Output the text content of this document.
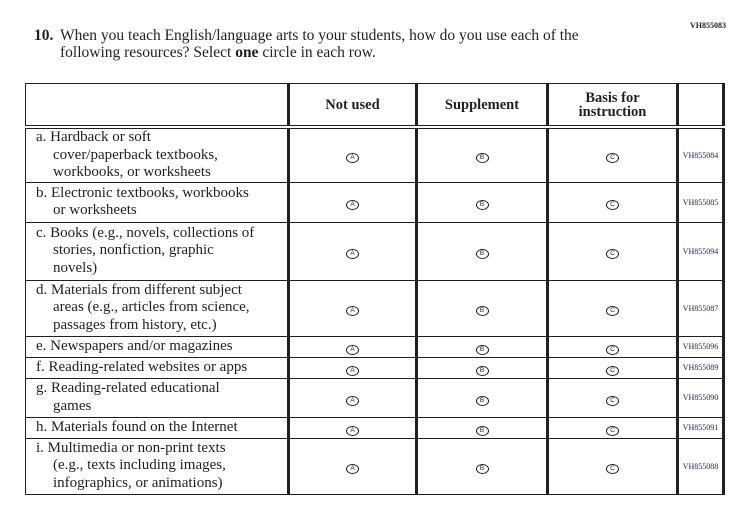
VH855083
10. When you teach English/language arts to your students, how do you use each of the
following resources? Select one circle in each row.
	Not used	Supplement	Basis for instruction	

a. Hardback or soft
cover/paperback textbooks,
workbooks, or worksheets	A	B	C	VH855084

b. Electronic textbooks, workbooks
or worksheets	A	B	C	VH855085

c. Books (e.g., novels, collections of
stories, nonfiction, graphic
novels)	A	B	C	VH855094

d. Materials from different subject
areas (e.g., articles from science,
passages from history, etc.)	A	B	C	VH855087

e. Newspapers and/or magazines	A	B	C	VH855096

f. Reading-related websites or apps	A	B	C	VH855089

g. Reading-related educational
games	A	B	C	VH855090

h. Materials found on the Internet	A	B	C	VH855091

i. Multimedia or non-print texts
(e.g., texts including images,
infographics, or animations)	A	B	C	VH855088
